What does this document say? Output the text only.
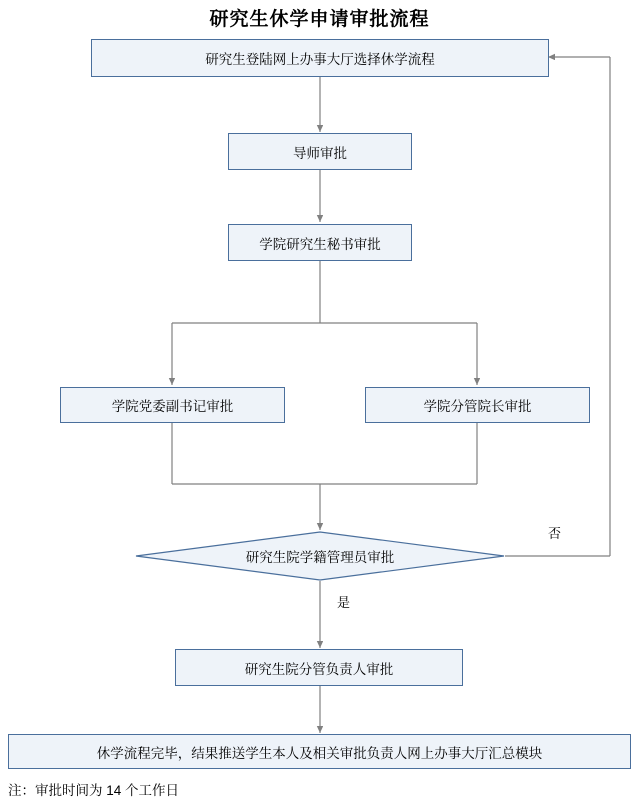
研究生休学申请审批流程
研究生登陆网上办事大厅选择休学流程
导师审批
学院研究生秘书审批
学院党委副书记审批	学院分管院长审批
研究生院学籍管理员审批
研究生院分管负责人审批
休学流程完毕，结果推送学生本人及相关审批负责人网上办事大厅汇总模块
否
是
注：审批时间为 14 个工作日
